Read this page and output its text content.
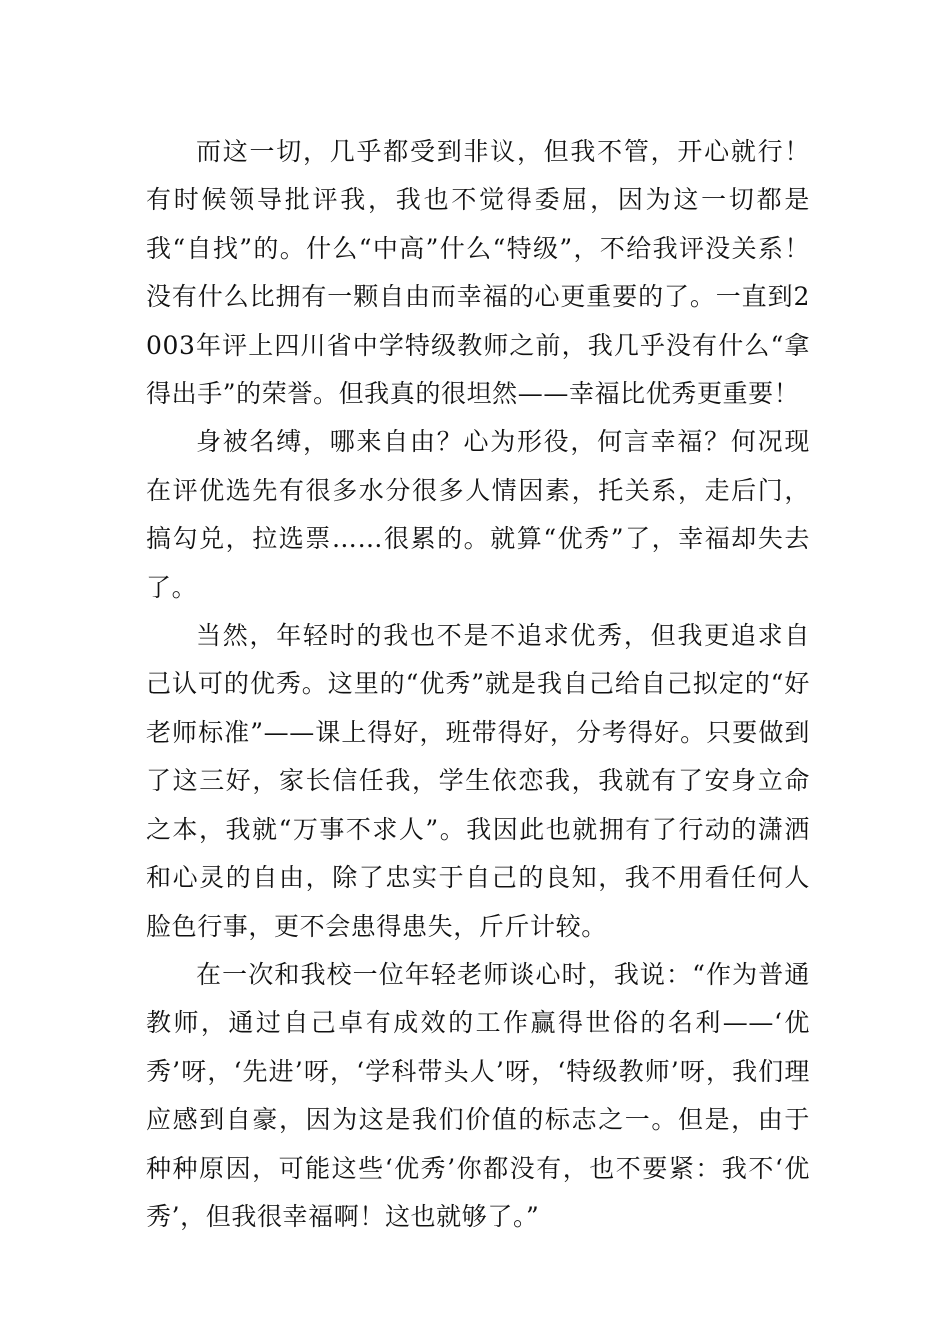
而这一切，几乎都受到非议，但我不管，开心就行！有时候领导批评我，我也不觉得委屈，因为这一切都是我“自找”的。什么“中高”什么“特级”，不给我评没关系！没有什么比拥有一颗自由而幸福的心更重要的了。一直到2003年评上四川省中学特级教师之前，我几乎没有什么“拿得出手”的荣誉。但我真的很坦然——幸福比优秀更重要！

身被名缚，哪来自由？心为形役，何言幸福？何况现在评优选先有很多水分很多人情因素，托关系，走后门，搞勾兑，拉选票……很累的。就算“优秀”了，幸福却失去了。

当然，年轻时的我也不是不追求优秀，但我更追求自己认可的优秀。这里的“优秀”就是我自己给自己拟定的“好老师标准”——课上得好，班带得好，分考得好。只要做到了这三好，家长信任我，学生依恋我，我就有了安身立命之本，我就“万事不求人”。我因此也就拥有了行动的潇洒和心灵的自由，除了忠实于自己的良知，我不用看任何人脸色行事，更不会患得患失，斤斤计较。

在一次和我校一位年轻老师谈心时，我说：“作为普通教师，通过自己卓有成效的工作赢得世俗的名利——‘优秀’呀，‘先进’呀，‘学科带头人’呀，‘特级教师’呀，我们理应感到自豪，因为这是我们价值的标志之一。但是，由于种种原因，可能这些‘优秀’你都没有，也不要紧：我不‘优秀’，但我很幸福啊！这也就够了。”
